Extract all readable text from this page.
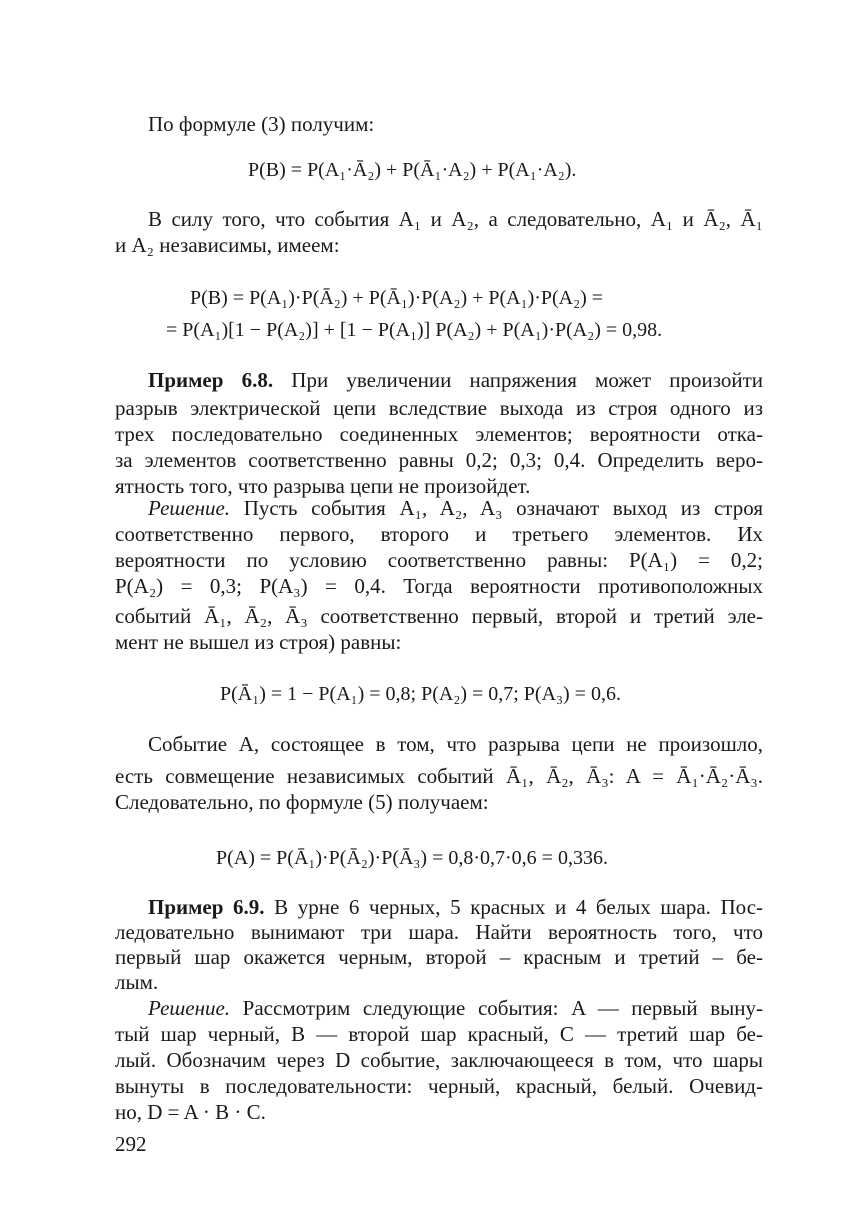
По формуле (3) получим:
P(B) = P(A₁·Ā₂) + P(Ā₁·A₂) + P(A₁·A₂).
В силу того, что события A₁ и A₂, а следовательно, A₁ и Ā₂, Ā₁
и A₂ независимы, имеем:
P(B) = P(A₁)·P(Ā₂) + P(Ā₁)·P(A₂) + P(A₁)·P(A₂) =
= P(A₁)[1 − P(A₂)] + [1 − P(A₁)] P(A₂) + P(A₁)·P(A₂) = 0,98.
Пример 6.8. При увеличении напряжения может произойти
разрыв электрической цепи вследствие выхода из строя одного из
трех последовательно соединенных элементов; вероятности отка-
за элементов соответственно равны 0,2; 0,3; 0,4. Определить веро-
ятность того, что разрыва цепи не произойдет.
Решение. Пусть события A₁, A₂, A₃ означают выход из строя
соответственно первого, второго и третьего элементов. Их
вероятности по условию соответственно равны: P(A₁) = 0,2;
P(A₂) = 0,3; P(A₃) = 0,4. Тогда вероятности противоположных
событий Ā₁, Ā₂, Ā₃ соответственно первый, второй и третий эле-
мент не вышел из строя) равны:
P(Ā₁) = 1 − P(A₁) = 0,8; P(A₂) = 0,7; P(A₃) = 0,6.
Событие A, состоящее в том, что разрыва цепи не произошло,
есть совмещение независимых событий Ā₁, Ā₂, Ā₃: A = Ā₁·Ā₂·Ā₃.
Следовательно, по формуле (5) получаем:
P(A) = P(Ā₁)·P(Ā₂)·P(Ā₃) = 0,8·0,7·0,6 = 0,336.
Пример 6.9. В урне 6 черных, 5 красных и 4 белых шара. Пос-
ледовательно вынимают три шара. Найти вероятность того, что
первый шар окажется черным, второй – красным и третий – бе-
лым.
Решение. Рассмотрим следующие события: A — первый выну-
тый шар черный, B — второй шар красный, C — третий шар бе-
лый. Обозначим через D событие, заключающееся в том, что шары
вынуты в последовательности: черный, красный, белый. Очевид-
но, D = A · B · C.
292
